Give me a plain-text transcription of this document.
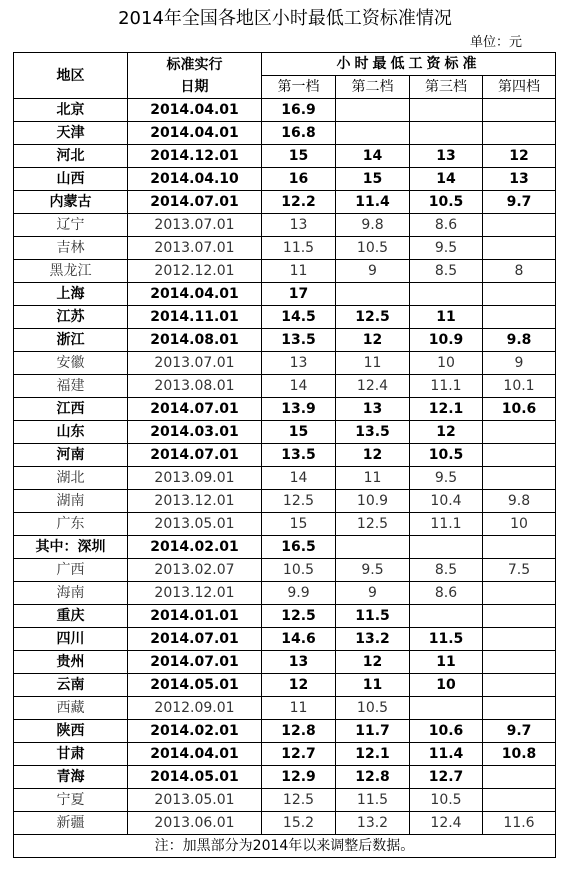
2014年全国各地区小时最低工资标准情况
单位：元
地区	标准实行
日期	小时最低工资标准			
		第一档	第二档	第三档	第四档
北京	2014.04.01	16.9			
天津	2014.04.01	16.8			
河北	2014.12.01	15	14	13	12
山西	2014.04.10	16	15	14	13
内蒙古	2014.07.01	12.2	11.4	10.5	9.7
辽宁	2013.07.01	13	9.8	8.6	
吉林	2013.07.01	11.5	10.5	9.5	
黑龙江	2012.12.01	11	9	8.5	8
上海	2014.04.01	17			
江苏	2014.11.01	14.5	12.5	11	
浙江	2014.08.01	13.5	12	10.9	9.8
安徽	2013.07.01	13	11	10	9
福建	2013.08.01	14	12.4	11.1	10.1
江西	2014.07.01	13.9	13	12.1	10.6
山东	2014.03.01	15	13.5	12	
河南	2014.07.01	13.5	12	10.5	
湖北	2013.09.01	14	11	9.5	
湖南	2013.12.01	12.5	10.9	10.4	9.8
广东	2013.05.01	15	12.5	11.1	10
其中：深圳	2014.02.01	16.5			
广西	2013.02.07	10.5	9.5	8.5	7.5
海南	2013.12.01	9.9	9	8.6	
重庆	2014.01.01	12.5	11.5		
四川	2014.07.01	14.6	13.2	11.5	
贵州	2014.07.01	13	12	11	
云南	2014.05.01	12	11	10	
西藏	2012.09.01	11	10.5		
陕西	2014.02.01	12.8	11.7	10.6	9.7
甘肃	2014.04.01	12.7	12.1	11.4	10.8
青海	2014.05.01	12.9	12.8	12.7	
宁夏	2013.05.01	12.5	11.5	10.5	
新疆	2013.06.01	15.2	13.2	12.4	11.6
注：加黑部分为2014年以来调整后数据。					
